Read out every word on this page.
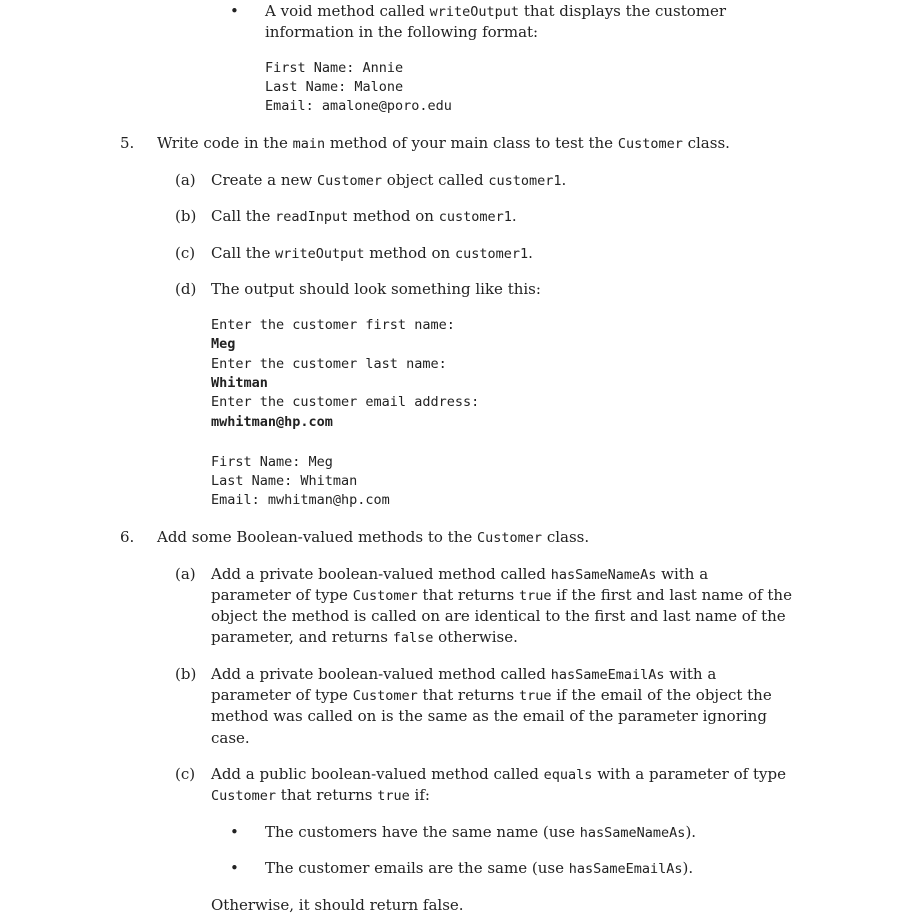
• A void method called writeOutput that displays the customer
information in the following format:
First Name: Annie
Last Name: Malone
Email: amalone@poro.edu
5. Write code in the main method of your main class to test the Customer class.
(a) Create a new Customer object called customer1.
(b) Call the readInput method on customer1.
(c) Call the writeOutput method on customer1.
(d) The output should look something like this:
Enter the customer first name:
Meg
Enter the customer last name:
Whitman
Enter the customer email address:
mwhitman@hp.com
First Name: Meg
Last Name: Whitman
Email: mwhitman@hp.com
6. Add some Boolean-valued methods to the Customer class.
(a) Add a private boolean-valued method called hasSameNameAs with a
parameter of type Customer that returns true if the first and last name of the
object the method is called on are identical to the first and last name of the
parameter, and returns false otherwise.
(b) Add a private boolean-valued method called hasSameEmailAs with a
parameter of type Customer that returns true if the email of the object the
method was called on is the same as the email of the parameter ignoring
case.
(c) Add a public boolean-valued method called equals with a parameter of type
Customer that returns true if:
• The customers have the same name (use hasSameNameAs).
• The customer emails are the same (use hasSameEmailAs).
Otherwise, it should return false.
